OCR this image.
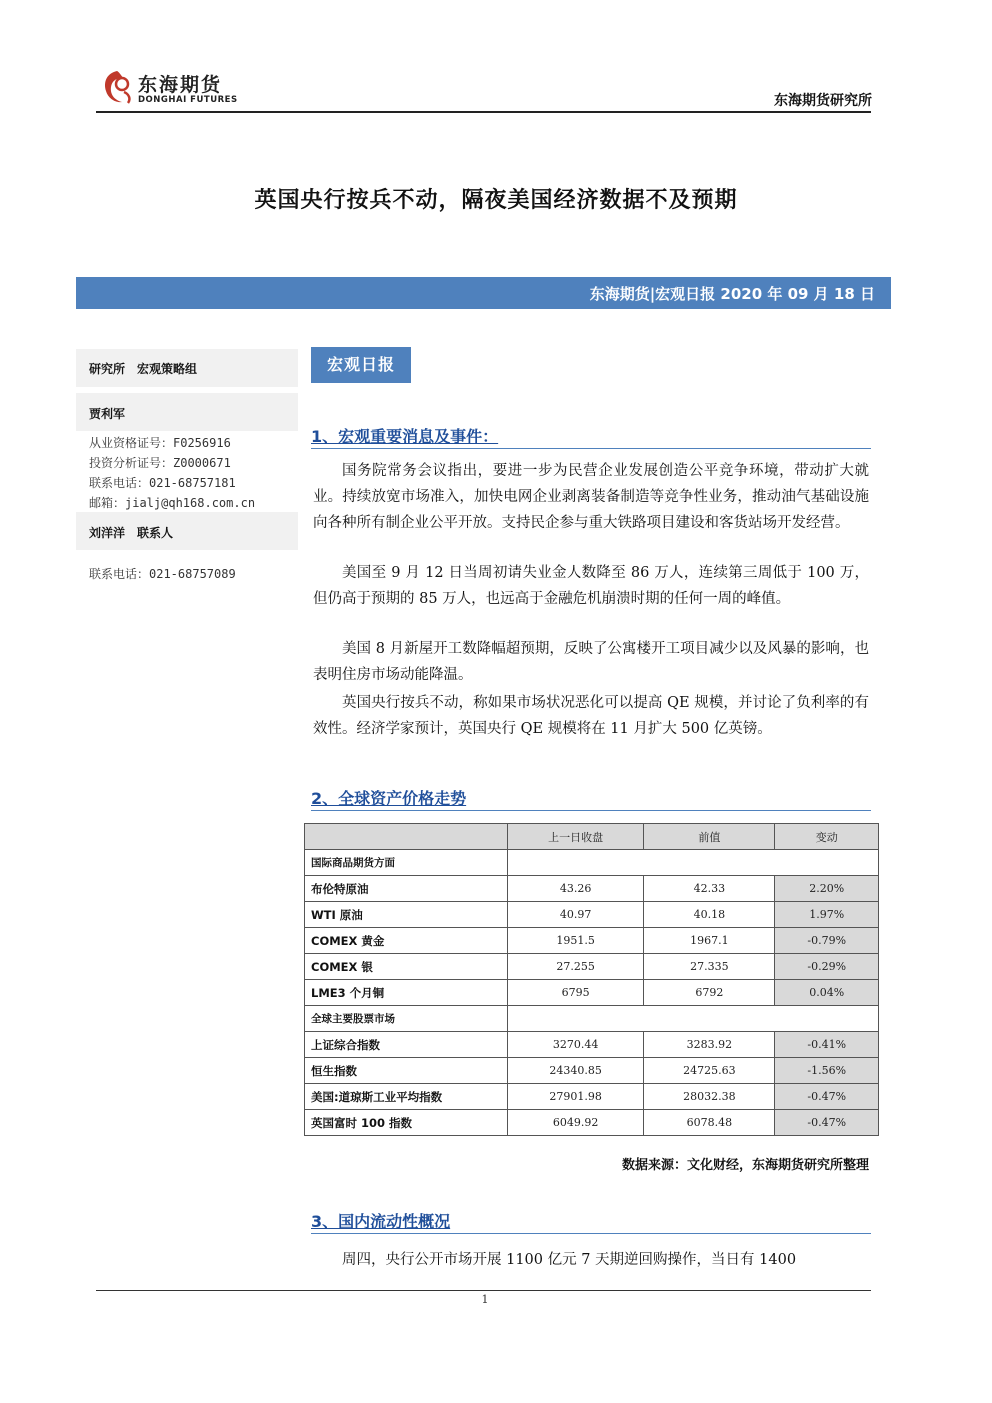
东海期货
DONGHAI FUTURES	东海期货研究所
英国央行按兵不动，隔夜美国经济数据不及预期
东海期货|宏观日报 2020 年 09 月 18 日
研究所　宏观策略组
贾利军
从业资格证号：F0256916
投资分析证号：Z0000671
联系电话：021-68757181
邮箱：jialj@qh168.com.cn
刘洋洋　联系人
联系电话：021-68757089
宏观日报
1、宏观重要消息及事件：

国务院常务会议指出，要进一步为民营企业发展创造公平竞争环境，带动扩大就业。持续放宽市场准入，加快电网企业剥离装备制造等竞争性业务，推动油气基础设施向各种所有制企业公平开放。支持民企参与重大铁路项目建设和客货站场开发经营。

美国至 9 月 12 日当周初请失业金人数降至 86 万人，连续第三周低于 100 万，但仍高于预期的 85 万人，也远高于金融危机崩溃时期的任何一周的峰值。

美国 8 月新屋开工数降幅超预期，反映了公寓楼开工项目减少以及风暴的影响，也表明住房市场动能降温。

英国央行按兵不动，称如果市场状况恶化可以提高 QE 规模，并讨论了负利率的有效性。经济学家预计，英国央行 QE 规模将在 11 月扩大 500 亿英镑。

2、全球资产价格走势
	上一日收盘	前值	变动
国际商品期货方面			
布伦特原油	43.26	42.33	2.20%
WTI 原油	40.97	40.18	1.97%
COMEX 黄金	1951.5	1967.1	-0.79%
COMEX 银	27.255	27.335	-0.29%
LME3 个月铜	6795	6792	0.04%
全球主要股票市场			
上证综合指数	3270.44	3283.92	-0.41%
恒生指数	24340.85	24725.63	-1.56%
美国:道琼斯工业平均指数	27901.98	28032.38	-0.47%
英国富时 100 指数	6049.92	6078.48	-0.47%
数据来源：文化财经，东海期货研究所整理
3、国内流动性概况

周四，央行公开市场开展 1100 亿元 7 天期逆回购操作，当日有 1400

1
